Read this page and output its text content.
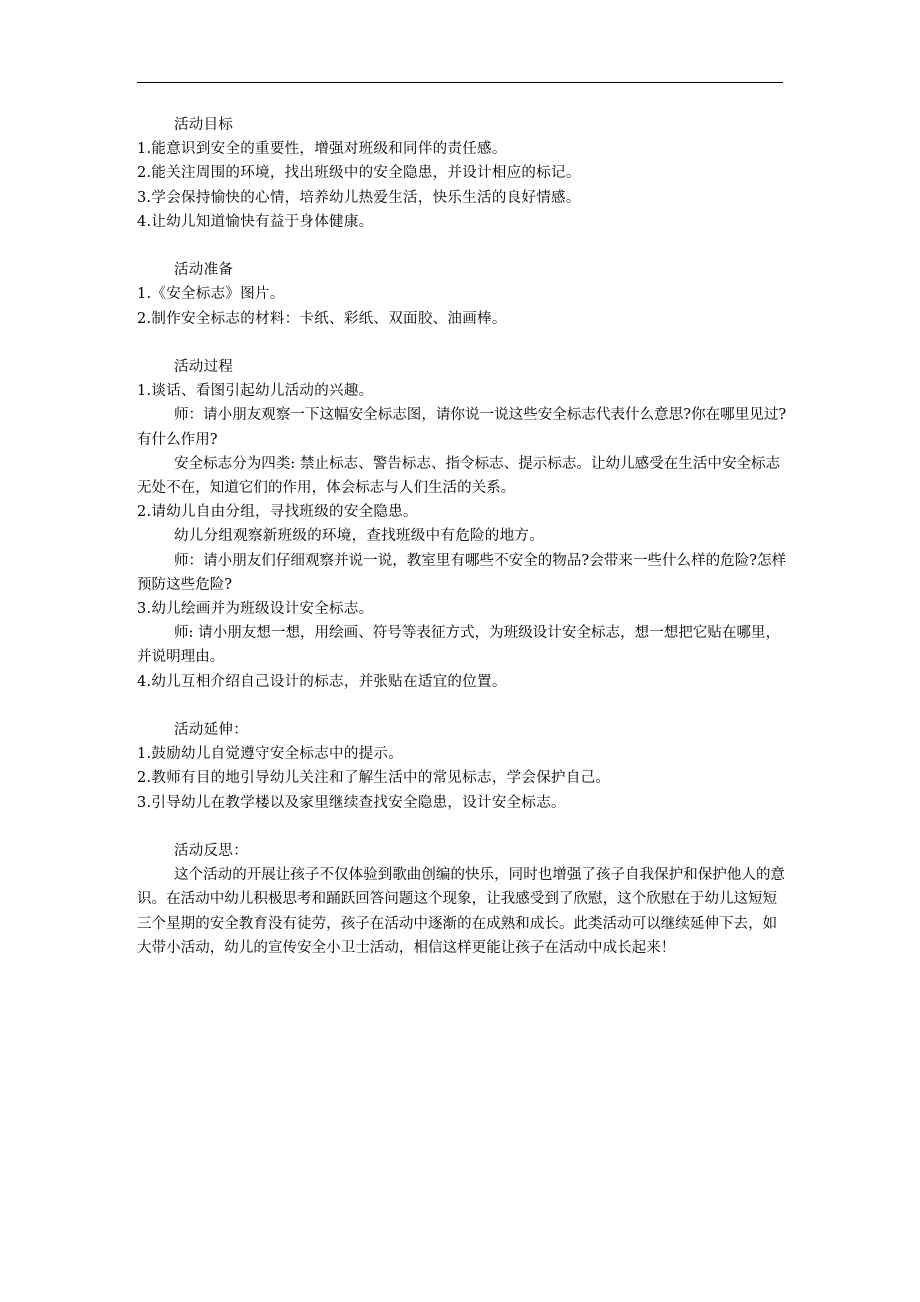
活动目标

1.能意识到安全的重要性，增强对班级和同伴的责任感。

2.能关注周围的环境，找出班级中的安全隐患，并设计相应的标记。

3.学会保持愉快的心情，培养幼儿热爱生活，快乐生活的良好情感。

4.让幼儿知道愉快有益于身体健康。

活动准备

1.《安全标志》图片。

2.制作安全标志的材料：卡纸、彩纸、双面胶、油画棒。

活动过程

1.谈话、看图引起幼儿活动的兴趣。

师：请小朋友观察一下这幅安全标志图，请你说一说这些安全标志代表什么意思?你在哪里见过?有什么作用?

安全标志分为四类: 禁止标志、警告标志、指令标志、提示标志。让幼儿感受在生活中安全标志无处不在，知道它们的作用，体会标志与人们生活的关系。

2.请幼儿自由分组，寻找班级的安全隐患。

幼儿分组观察新班级的环境，查找班级中有危险的地方。

师：请小朋友们仔细观察并说一说，教室里有哪些不安全的物品?会带来一些什么样的危险?怎样预防这些危险?

3.幼儿绘画并为班级设计安全标志。

师: 请小朋友想一想，用绘画、符号等表征方式，为班级设计安全标志，想一想把它贴在哪里，并说明理由。

4.幼儿互相介绍自己设计的标志，并张贴在适宜的位置。

活动延伸：

1.鼓励幼儿自觉遵守安全标志中的提示。

2.教师有目的地引导幼儿关注和了解生活中的常见标志，学会保护自己。

3.引导幼儿在教学楼以及家里继续查找安全隐患，设计安全标志。

活动反思：

这个活动的开展让孩子不仅体验到歌曲创编的快乐，同时也增强了孩子自我保护和保护他人的意识。在活动中幼儿积极思考和踊跃回答问题这个现象，让我感受到了欣慰，这个欣慰在于幼儿这短短三个星期的安全教育没有徒劳，孩子在活动中逐渐的在成熟和成长。此类活动可以继续延伸下去，如大带小活动，幼儿的宣传安全小卫士活动，相信这样更能让孩子在活动中成长起来！
